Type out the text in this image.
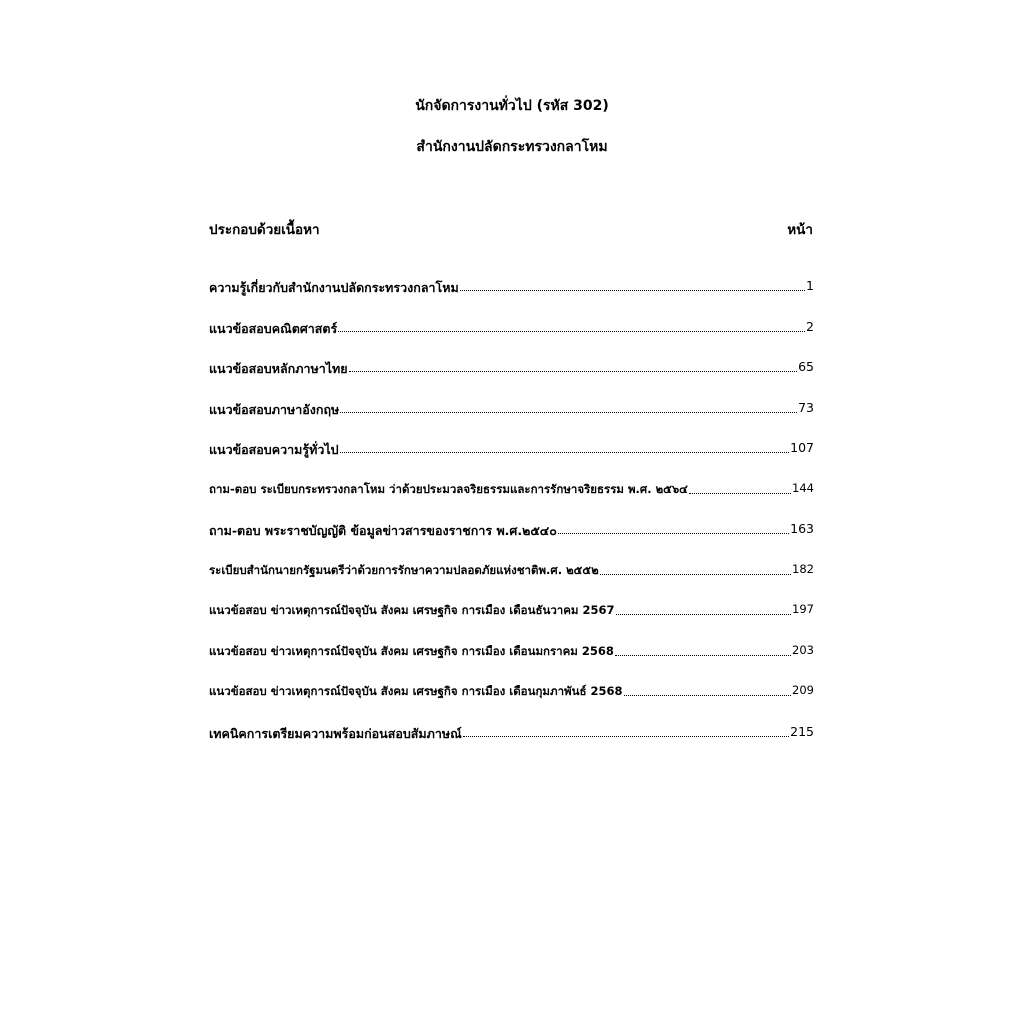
นักจัดการงานทั่วไป (รหัส 302)
สำนักงานปลัดกระทรวงกลาโหม
ประกอบด้วยเนื้อหา	หน้า
ความรู้เกี่ยวกับสำนักงานปลัดกระทรวงกลาโหม	1
แนวข้อสอบคณิตศาสตร์	2
แนวข้อสอบหลักภาษาไทย	65
แนวข้อสอบภาษาอังกฤษ	73
แนวข้อสอบความรู้ทั่วไป	107
ถาม-ตอบ ระเบียบกระทรวงกลาโหม ว่าด้วยประมวลจริยธรรมและการรักษาจริยธรรม พ.ศ. ๒๕๖๔	144
ถาม-ตอบ พระราชบัญญัติ ข้อมูลข่าวสารของราชการ พ.ศ.๒๕๔๐	163
ระเบียบสำนักนายกรัฐมนตรีว่าด้วยการรักษาความปลอดภัยแห่งชาติพ.ศ. ๒๕๕๒	182
แนวข้อสอบ ข่าวเหตุการณ์ปัจจุบัน สังคม เศรษฐกิจ การเมือง เดือนธันวาคม 2567	197
แนวข้อสอบ ข่าวเหตุการณ์ปัจจุบัน สังคม เศรษฐกิจ การเมือง เดือนมกราคม 2568	203
แนวข้อสอบ ข่าวเหตุการณ์ปัจจุบัน สังคม เศรษฐกิจ การเมือง เดือนกุมภาพันธ์ 2568	209
เทคนิคการเตรียมความพร้อมก่อนสอบสัมภาษณ์	215
